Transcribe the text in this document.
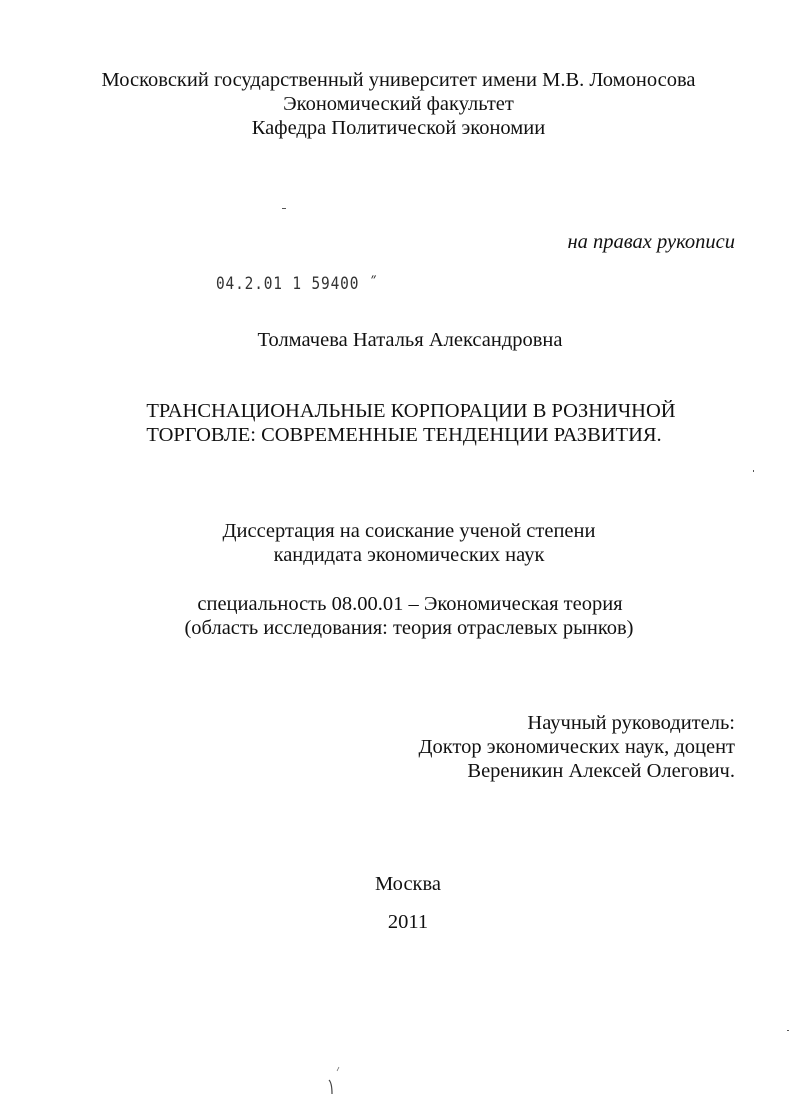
Московский государственный университет имени М.В. Ломоносова
Экономический факультет
Кафедра Политической экономии
на правах рукописи
04.2.01 1 59400 ˝
Толмачева Наталья Александровна
ТРАНСНАЦИОНАЛЬНЫЕ КОРПОРАЦИИ В РОЗНИЧНОЙ
ТОРГОВЛЕ: СОВРЕМЕННЫЕ ТЕНДЕНЦИИ РАЗВИТИЯ.
Диссертация на соискание ученой степени
кандидата экономических наук
специальность 08.00.01 – Экономическая теория
(область исследования: теория отраслевых рынков)
Научный руководитель:
Доктор экономических наук, доцент
Вереникин Алексей Олегович.
Москва
2011
